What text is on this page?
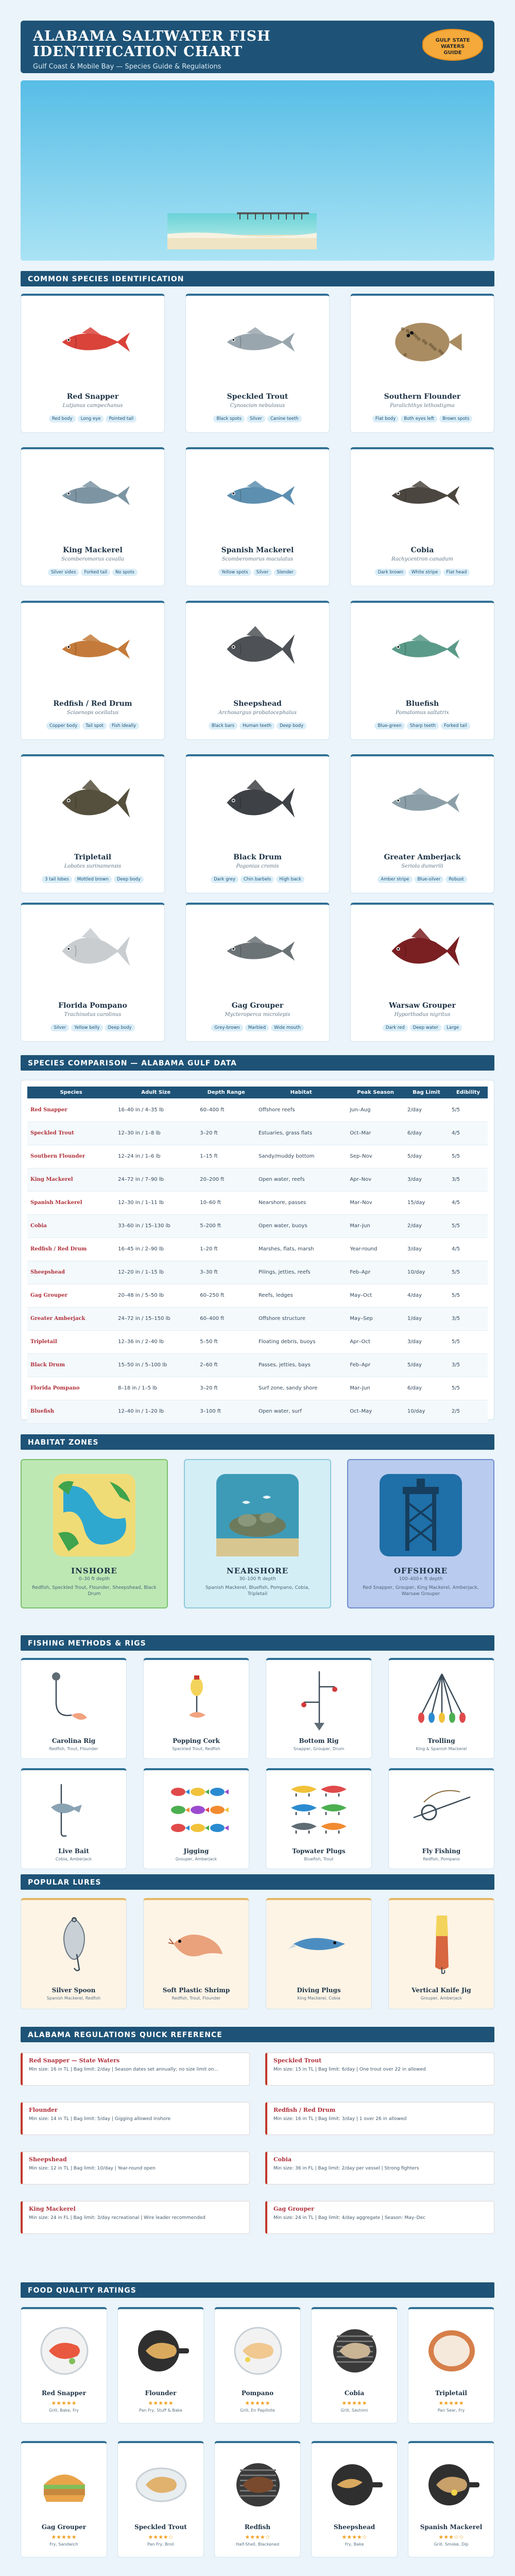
ALABAMA SALTWATER FISH
IDENTIFICATION CHART
Gulf Coast & Mobile Bay — Species Guide & Regulations
GULF STATE
WATERS
GUIDE
COMMON SPECIES IDENTIFICATION
Red Snapper
Lutjanus campechanus
Red body Long eye Pointed tail
Speckled Trout
Cynoscion nebulosus
Black spots Silver Canine teeth
Southern Flounder
Paralichthys lethostigma
Flat body Both eyes left Brown spots
King Mackerel
Scomberomorus cavalla
Silver sides Forked tail No spots
Spanish Mackerel
Scomberomorus maculatus
Yellow spots Silver Slender
Cobia
Rachycentron canadum
Dark brown White stripe Flat head
Redfish / Red Drum
Sciaenops ocellatus
Copper body Tail spot Fish ideally
Sheepshead
Archosargus probatocephalus
Black bars Human teeth Deep body
Bluefish
Pomatomus saltatrix
Blue-green Sharp teeth Forked tail
Tripletail
Lobotes surinamensis
3 tail lobes Mottled brown Deep body
Black Drum
Pogonias cromis
Dark grey Chin barbels High back
Greater Amberjack
Seriola dumerili
Amber stripe Blue-silver Robust
Florida Pompano
Trachinotus carolinus
Silver Yellow belly Deep body
Gag Grouper
Mycteroperca microlepis
Grey-brown Marbled Wide mouth
Warsaw Grouper
Hyporthodus nigritus
Dark red Deep water Large
SPECIES COMPARISON — ALABAMA GULF DATA
Species	Adult Size	Depth Range	Habitat	Peak Season	Bag Limit	Edibility
Red Snapper	16–40 in / 4–35 lb	60–400 ft	Offshore reefs	Jun–Aug	2/day	5/5
Speckled Trout	12–30 in / 1–8 lb	3–20 ft	Estuaries, grass flats	Oct–Mar	6/day	4/5
Southern Flounder	12–24 in / 1–6 lb	1–15 ft	Sandy/muddy bottom	Sep–Nov	5/day	5/5
King Mackerel	24–72 in / 7–90 lb	20–200 ft	Open water, reefs	Apr–Nov	3/day	3/5
Spanish Mackerel	12–30 in / 1–11 lb	10–60 ft	Nearshore, passes	Mar–Nov	15/day	4/5
Cobia	33–60 in / 15–130 lb	5–200 ft	Open water, buoys	Mar–Jun	2/day	5/5
Redfish / Red Drum	16–45 in / 2–90 lb	1–20 ft	Marshes, flats, marsh	Year-round	3/day	4/5
Sheepshead	12–20 in / 1–15 lb	3–30 ft	Pilings, jetties, reefs	Feb–Apr	10/day	5/5
Gag Grouper	20–48 in / 5–50 lb	60–250 ft	Reefs, ledges	May–Oct	4/day	5/5
Greater Amberjack	24–72 in / 15–150 lb	60–400 ft	Offshore structure	May–Sep	1/day	3/5
Tripletail	12–36 in / 2–40 lb	5–50 ft	Floating debris, buoys	Apr–Oct	3/day	5/5
Black Drum	15–50 in / 5–100 lb	2–60 ft	Passes, jetties, bays	Feb–Apr	5/day	3/5
Florida Pompano	8–18 in / 1–5 lb	3–20 ft	Surf zone, sandy shore	Mar–Jun	6/day	5/5
Bluefish	12–40 in / 1–20 lb	3–100 ft	Open water, surf	Oct–May	10/day	2/5
HABITAT ZONES
INSHORE
0–30 ft depth
Redfish, Speckled Trout, Flounder, Sheepshead, Black Drum
NEARSHORE
30–100 ft depth
Spanish Mackerel, Bluefish, Pompano, Cobia, Tripletail
OFFSHORE
100–400+ ft depth
Red Snapper, Grouper, King Mackerel, Amberjack, Warsaw Grouper
FISHING METHODS & RIGS
Carolina Rig
Redfish, Trout, Flounder
Popping Cork
Speckled Trout, Redfish
Bottom Rig
Snapper, Grouper, Drum
Trolling
King & Spanish Mackerel
Live Bait
Cobia, Amberjack
Jigging
Grouper, Amberjack
Topwater Plugs
Bluefish, Trout
Fly Fishing
Redfish, Pompano
POPULAR LURES
Silver Spoon
Spanish Mackerel, Redfish
Soft Plastic Shrimp
Redfish, Trout, Flounder
Diving Plugs
King Mackerel, Cobia
Vertical Knife Jig
Grouper, Amberjack
ALABAMA REGULATIONS QUICK REFERENCE
Red Snapper — State Waters
Min size: 16 in TL | Bag limit: 2/day | Season dates set annually; no size limit on...
Speckled Trout
Min size: 15 in TL | Bag limit: 6/day | One trout over 22 in allowed
Flounder
Min size: 14 in TL | Bag limit: 5/day | Gigging allowed inshore
Redfish / Red Drum
Min size: 16 in TL | Bag limit: 3/day | 1 over 26 in allowed
Sheepshead
Min size: 12 in TL | Bag limit: 10/day | Year-round open
Cobia
Min size: 36 in FL | Bag limit: 2/day per vessel | Strong fighters
King Mackerel
Min size: 24 in FL | Bag limit: 3/day recreational | Wire leader recommended
Gag Grouper
Min size: 24 in TL | Bag limit: 4/day aggregate | Season: May–Dec
FOOD QUALITY RATINGS
Red Snapper
★★★★★
Grill, Bake, Fry
Flounder
★★★★★
Pan Fry, Stuff & Bake
Pompano
★★★★★
Grill, En Papillote
Cobia
★★★★★
Grill, Sashimi
Tripletail
★★★★★
Pan Sear, Fry
Gag Grouper
★★★★★
Fry, Sandwich
Speckled Trout
★★★★☆
Pan Fry, Broil
Redfish
★★★★☆
Half-Shell, Blackened
Sheepshead
★★★★☆
Fry, Bake
Spanish Mackerel
★★★☆☆
Grill, Smoke, Dip
